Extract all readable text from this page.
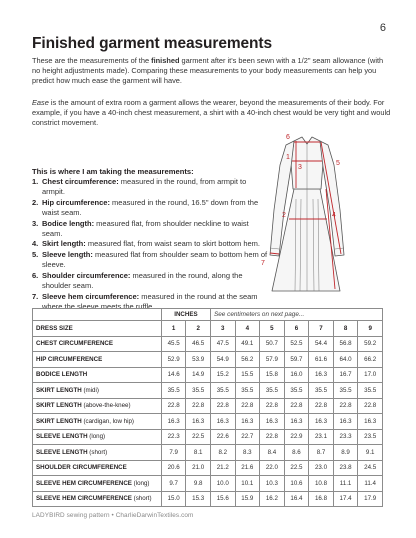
6
Finished garment measurements

These are the measurements of the finished garment after it's been sewn with a 1/2" seam allowance (with no height adjustments made). Comparing these measurements to your body measurements can help you predict how much ease the garment will have.

Ease is the amount of extra room a garment allows the wearer, beyond the measurements of their body. For example, if you have a 40-inch chest measurement, a shirt with a 40-inch chest would be very tight and would constrict movement.

This is where I am taking the measurements:
1. Chest circumference: measured in the round, from armpit to armpit.
2. Hip circumference: measured in the round, 16.5" down from the waist seam.
3. Bodice length: measured flat, from shoulder neckline to waist seam.
4. Skirt length: measured flat, from waist seam to skirt bottom hem.
5. Sleeve length: measured flat from shoulder seam to bottom hem of sleeve.
6. Shoulder circumference: measured in the round, along the shoulder seam.
7. Sleeve hem circumference: measured in the round at the seam where the sleeve meets the ruffle.
6
3
1
5
2	4
7
	INCHES		See centimeters on next page...						
DRESS SIZE	1	2	3	4	5	6	7	8	9
CHEST CIRCUMFERENCE	45.5	46.5	47.5	49.1	50.7	52.5	54.4	56.8	59.2
HIP CIRCUMFERENCE	52.9	53.9	54.9	56.2	57.9	59.7	61.6	64.0	66.2
BODICE LENGTH	14.6	14.9	15.2	15.5	15.8	16.0	16.3	16.7	17.0
SKIRT LENGTH (midi)	35.5	35.5	35.5	35.5	35.5	35.5	35.5	35.5	35.5
SKIRT LENGTH (above-the-knee)	22.8	22.8	22.8	22.8	22.8	22.8	22.8	22.8	22.8
SKIRT LENGTH (cardigan, low hip)	16.3	16.3	16.3	16.3	16.3	16.3	16.3	16.3	16.3
SLEEVE LENGTH (long)	22.3	22.5	22.6	22.7	22.8	22.9	23.1	23.3	23.5
SLEEVE LENGTH (short)	7.9	8.1	8.2	8.3	8.4	8.6	8.7	8.9	9.1
SHOULDER CIRCUMFERENCE	20.6	21.0	21.2	21.6	22.0	22.5	23.0	23.8	24.5
SLEEVE HEM CIRCUMFERENCE (long)	9.7	9.8	10.0	10.1	10.3	10.6	10.8	11.1	11.4
SLEEVE HEM CIRCUMFERENCE (short)	15.0	15.3	15.6	15.9	16.2	16.4	16.8	17.4	17.9
LADYBIRD sewing pattern • CharlieDarwinTextiles.com
